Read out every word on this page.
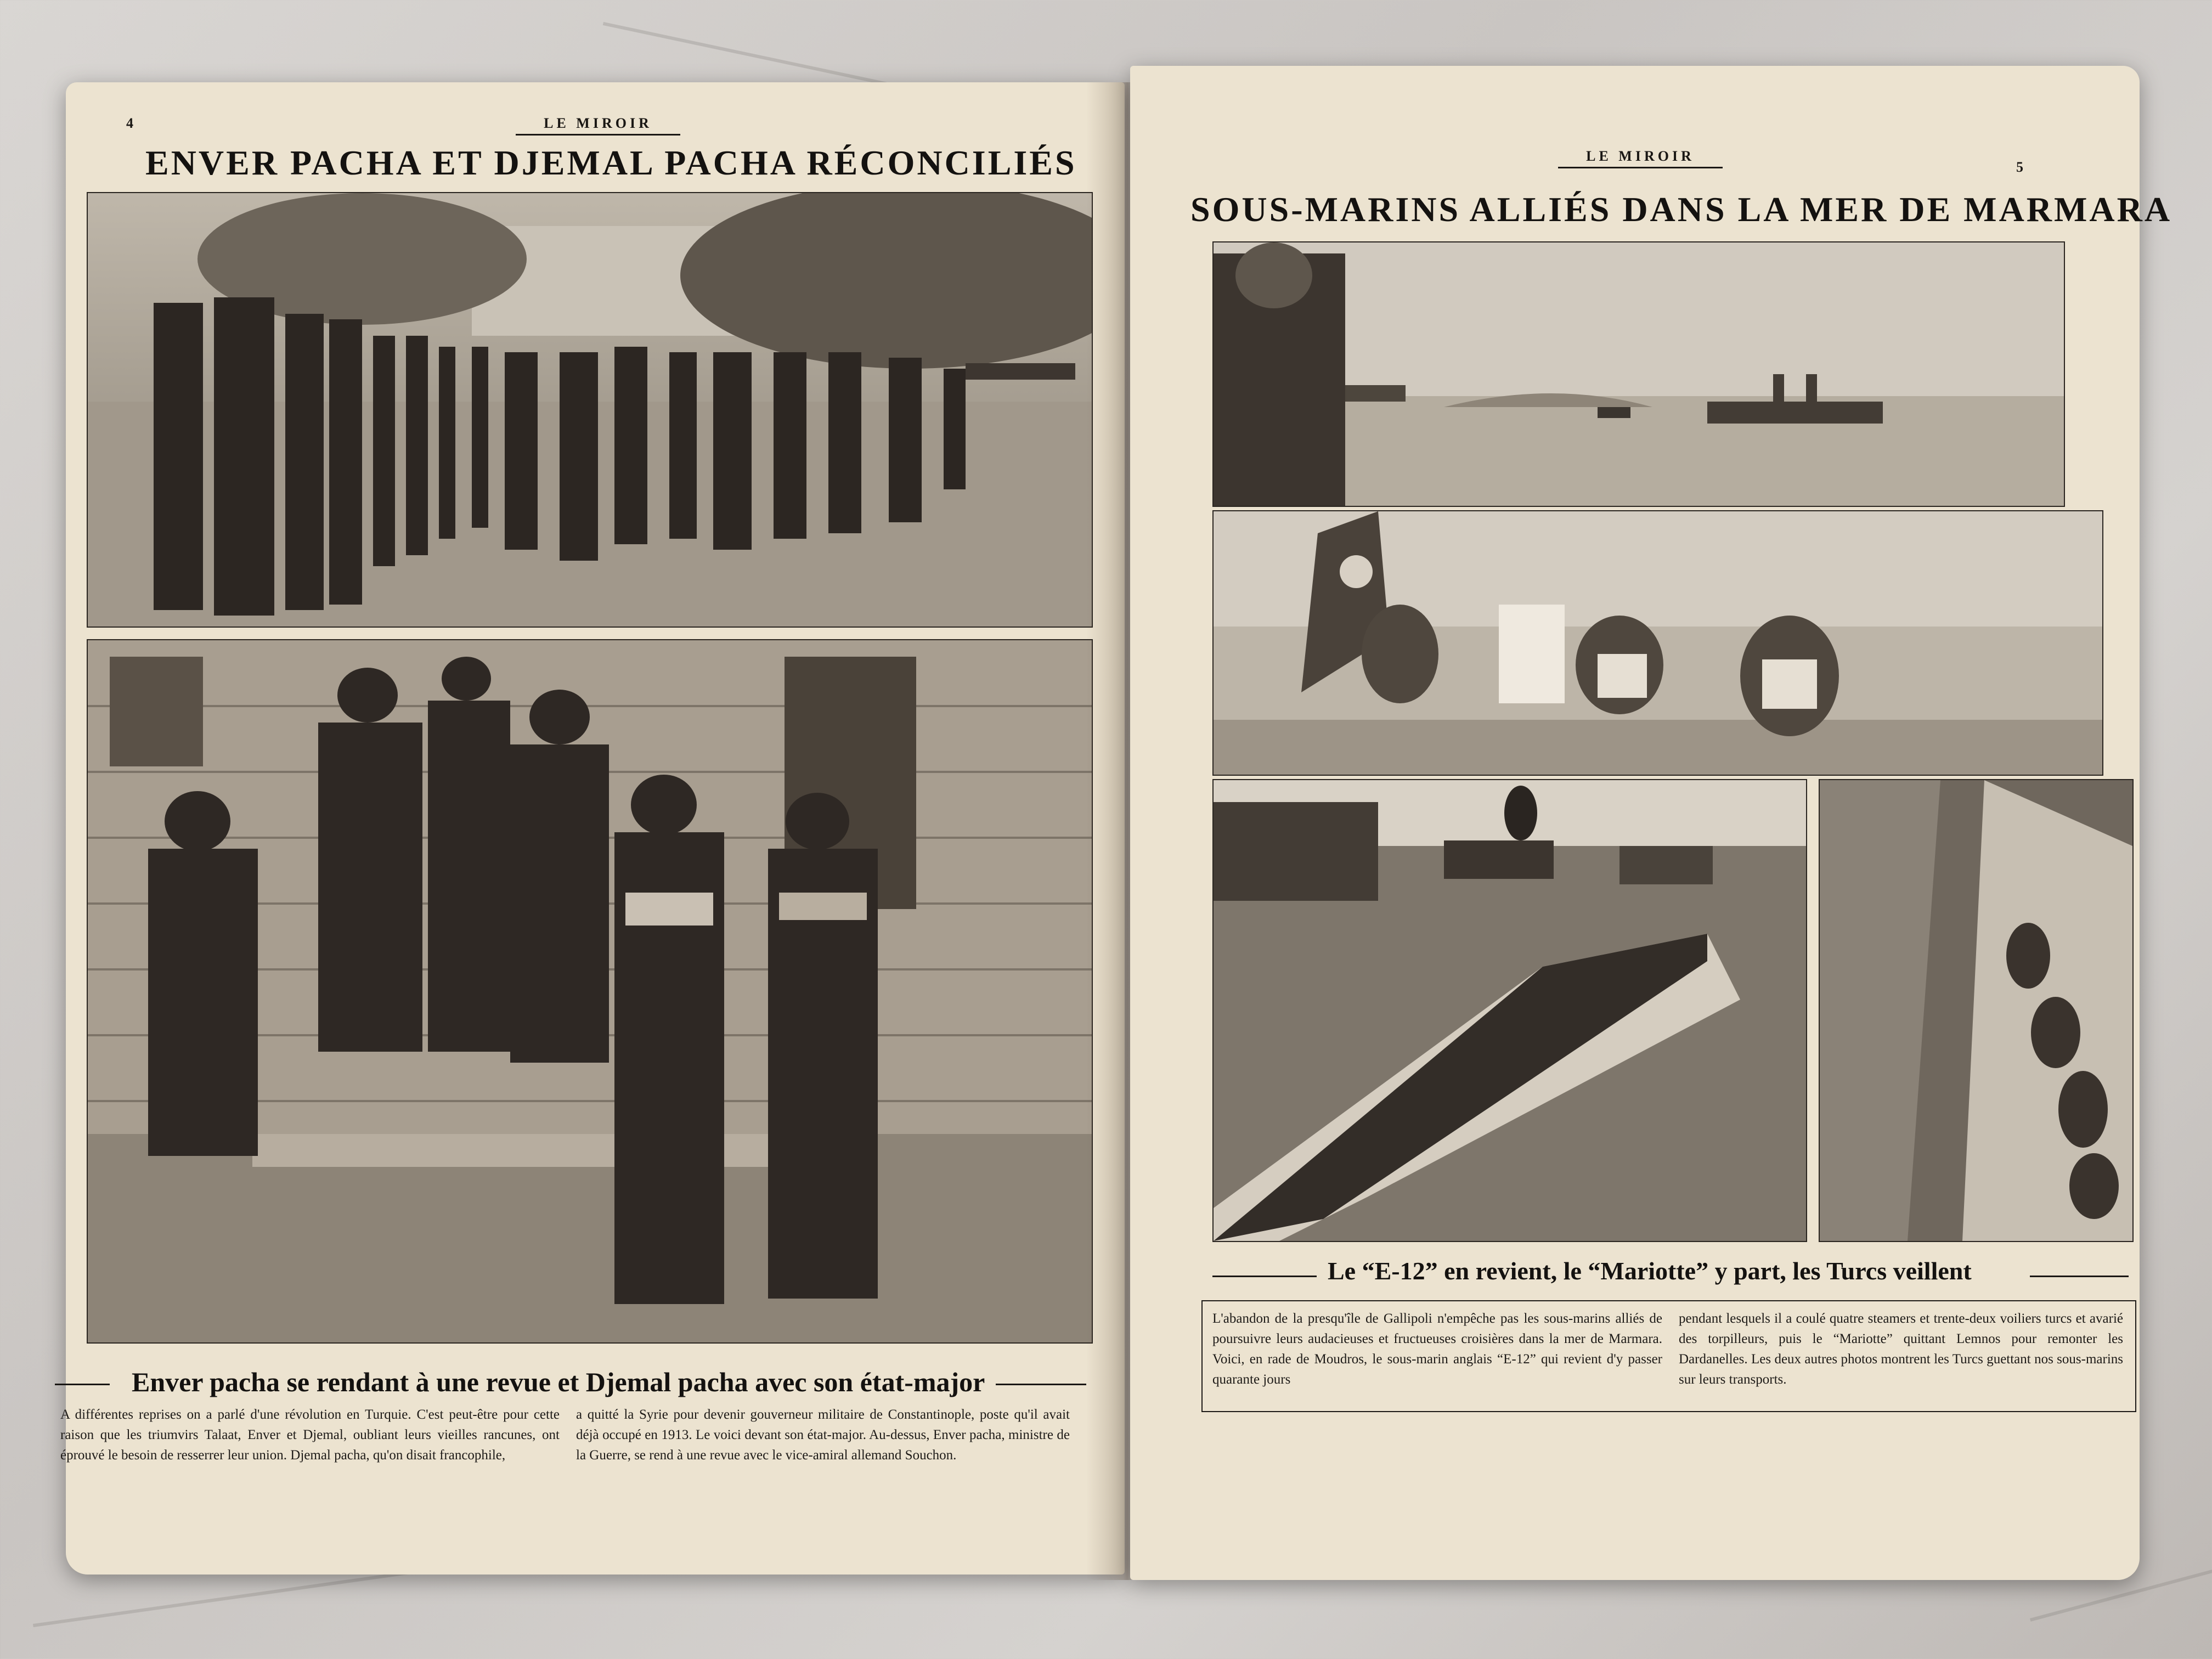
4	LE MIROIR
ENVER PACHA ET DJEMAL PACHA RÉCONCILIÉS
Enver pacha se rendant à une revue et Djemal pacha avec son état-major
A différentes reprises on a parlé d'une révolution en Turquie. C'est peut-être pour cette raison que les triumvirs Talaat, Enver et Djemal, oubliant leurs vieilles rancunes, ont éprouvé le besoin de resserrer leur union. Djemal pacha, qu'on disait francophile,
a quitté la Syrie pour devenir gouverneur militaire de Constantinople, poste qu'il avait déjà occupé en 1913. Le voici devant son état-major. Au-dessus, Enver pacha, ministre de la Guerre, se rend à une revue avec le vice-amiral allemand Souchon.
LE MIROIR
5
SOUS-MARINS ALLIÉS DANS LA MER DE MARMARA
Le “E-12” en revient, le “Mariotte” y part, les Turcs veillent
L'abandon de la presqu'île de Gallipoli n'empêche pas les sous-marins alliés de poursuivre leurs audacieuses et fructueuses croisières dans la mer de Marmara. Voici, en rade de Moudros, le sous-marin anglais “E-12” qui revient d'y passer quarante jours
pendant lesquels il a coulé quatre steamers et trente-deux voiliers turcs et avarié des torpilleurs, puis le “Mariotte” quittant Lemnos pour remonter les Dardanelles. Les deux autres photos montrent les Turcs guettant nos sous-marins sur leurs transports.
